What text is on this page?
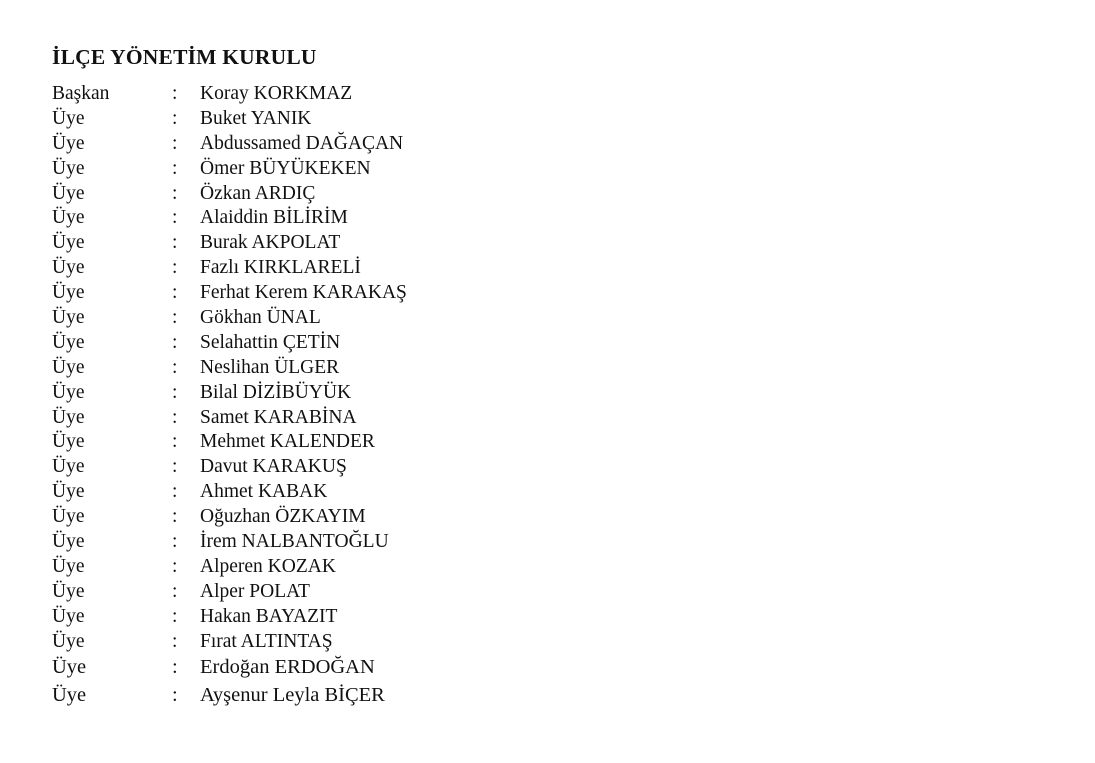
İLÇE YÖNETİM KURULU
Başkan	: Koray KORKMAZ
Üye	: Buket YANIK
Üye	: Abdussamed DAĞAÇAN
Üye	: Ömer BÜYÜKEKEN
Üye	: Özkan ARDIÇ
Üye	: Alaiddin BİLİRİM
Üye	: Burak AKPOLAT
Üye	: Fazlı KIRKLARELİ
Üye	: Ferhat Kerem KARAKAŞ
Üye	: Gökhan ÜNAL
Üye	: Selahattin ÇETİN
Üye	: Neslihan ÜLGER
Üye	: Bilal DİZİBÜYÜK
Üye	: Samet KARABİNA
Üye	: Mehmet KALENDER
Üye	: Davut KARAKUŞ
Üye	: Ahmet KABAK
Üye	: Oğuzhan ÖZKAYIM
Üye	: İrem NALBANTOĞLU
Üye	: Alperen KOZAK
Üye	: Alper POLAT
Üye	: Hakan BAYAZIT
Üye	: Fırat ALTINTAŞ
Üye	: Erdoğan ERDOĞAN
Üye	: Ayşenur Leyla BİÇER
